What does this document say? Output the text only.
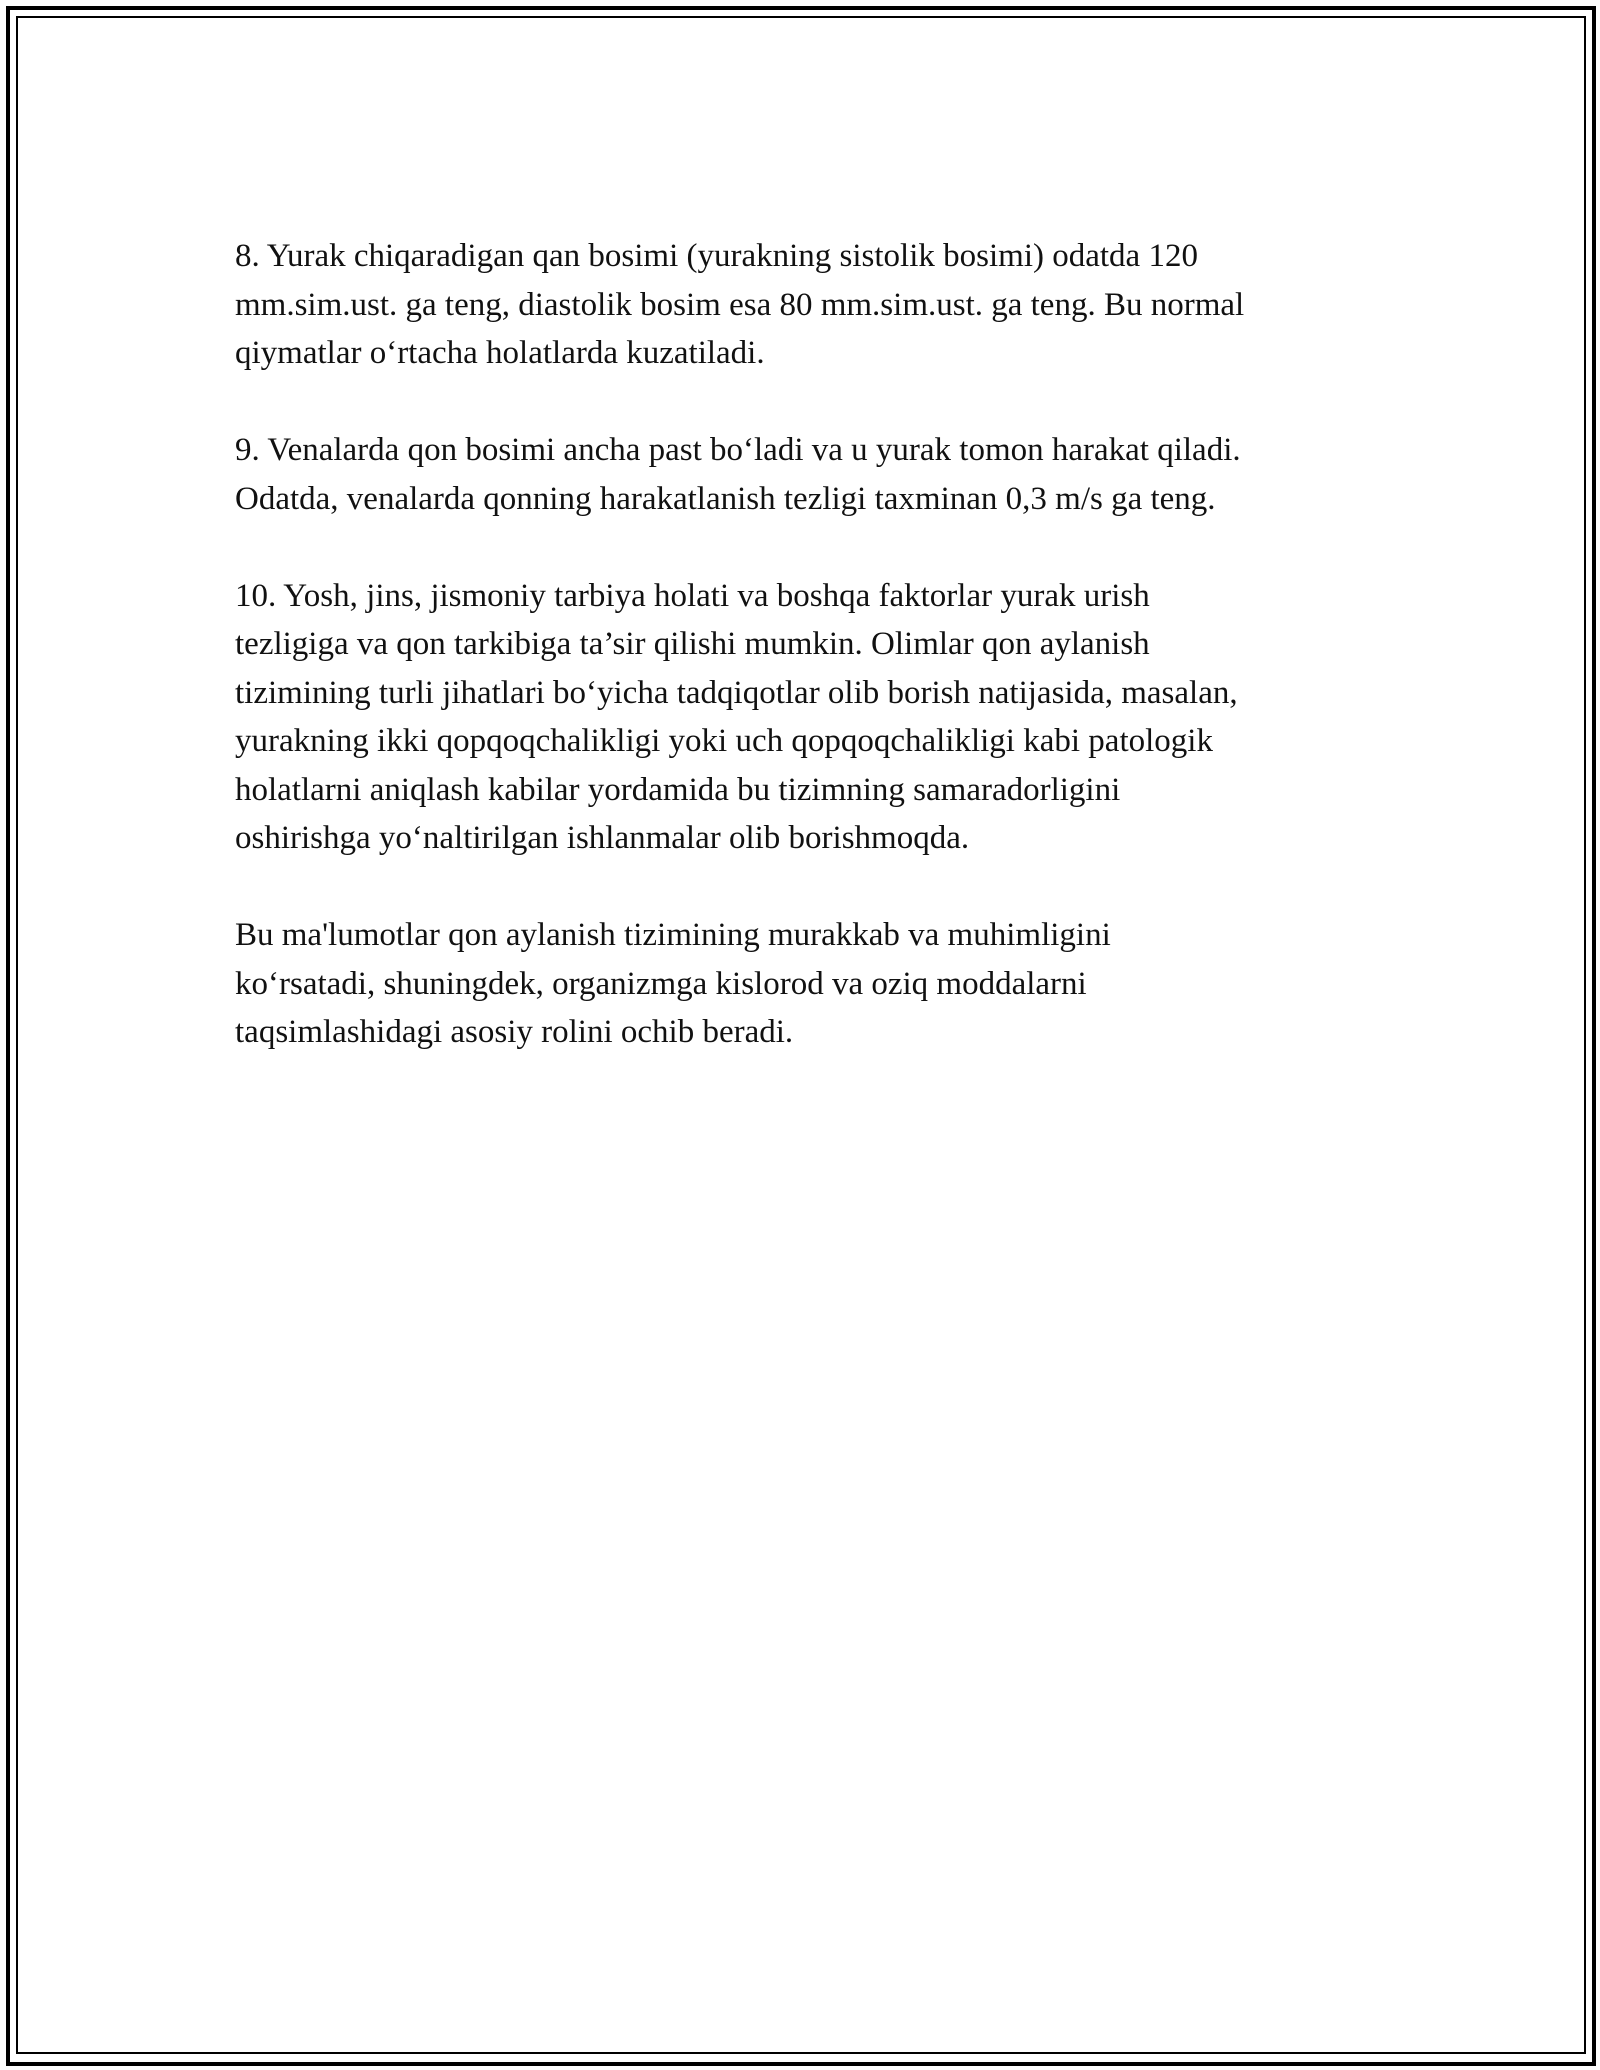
8. Yurak chiqaradigan qan bosimi (yurakning sistolik bosimi) odatda 120
mm.sim.ust. ga teng, diastolik bosim esa 80 mm.sim.ust. ga teng. Bu normal
qiymatlar o‘rtacha holatlarda kuzatiladi.

9. Venalarda qon bosimi ancha past bo‘ladi va u yurak tomon harakat qiladi.
Odatda, venalarda qonning harakatlanish tezligi taxminan 0,3 m/s ga teng.

10. Yosh, jins, jismoniy tarbiya holati va boshqa faktorlar yurak urish
tezligiga va qon tarkibiga ta’sir qilishi mumkin. Olimlar qon aylanish
tizimining turli jihatlari bo‘yicha tadqiqotlar olib borish natijasida, masalan,
yurakning ikki qopqoqchalikligi yoki uch qopqoqchalikligi kabi patologik
holatlarni aniqlash kabilar yordamida bu tizimning samaradorligini
oshirishga yo‘naltirilgan ishlanmalar olib borishmoqda.

Bu ma'lumotlar qon aylanish tizimining murakkab va muhimligini
ko‘rsatadi, shuningdek, organizmga kislorod va oziq moddalarni
taqsimlashidagi asosiy rolini ochib beradi.
